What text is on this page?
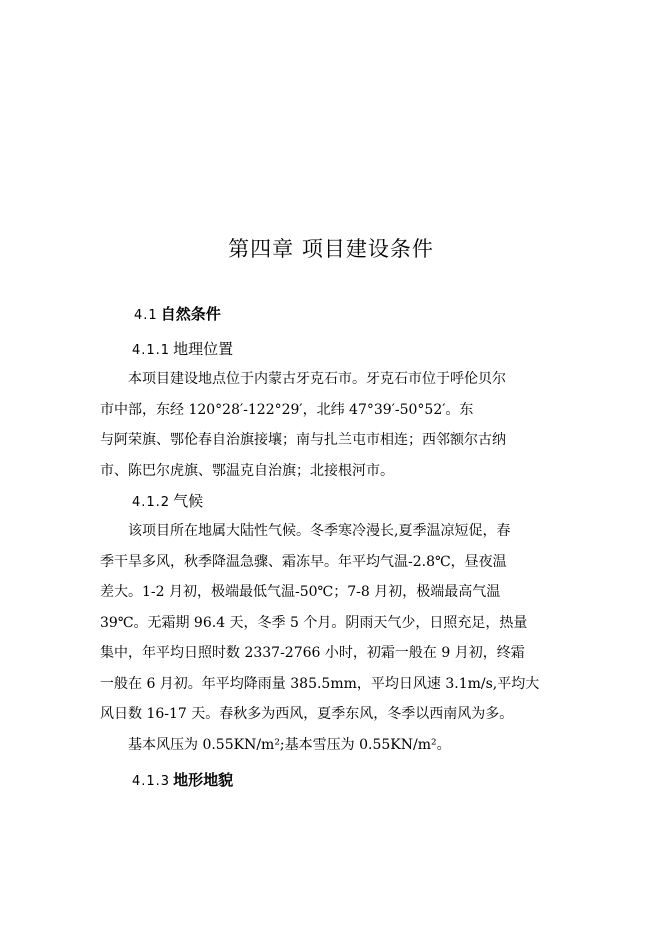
第四章 项目建设条件
4.1 自然条件
4.1.1 地理位置
本项目建设地点位于内蒙古牙克石市。牙克石市位于呼伦贝尔
市中部，东经 120°28′-122°29′，北纬 47°39′-50°52′。东
与阿荣旗、鄂伦春自治旗接壤；南与扎兰屯市相连；西邻额尔古纳
市、陈巴尔虎旗、鄂温克自治旗；北接根河市。
4.1.2 气候
该项目所在地属大陆性气候。冬季寒冷漫长,夏季温凉短促，春
季干旱多风，秋季降温急骤、霜冻早。年平均气温-2.8℃，昼夜温
差大。1-2 月初，极端最低气温-50℃；7-8 月初，极端最高气温
39℃。无霜期 96.4 天，冬季 5 个月。阴雨天气少，日照充足，热量
集中，年平均日照时数 2337-2766 小时，初霜一般在 9 月初，终霜
一般在 6 月初。年平均降雨量 385.5mm，平均日风速 3.1m/s,平均大
风日数 16-17 天。春秋多为西风，夏季东风，冬季以西南风为多。
基本风压为 0.55KN/m²;基本雪压为 0.55KN/m²。
4.1.3 地形地貌
